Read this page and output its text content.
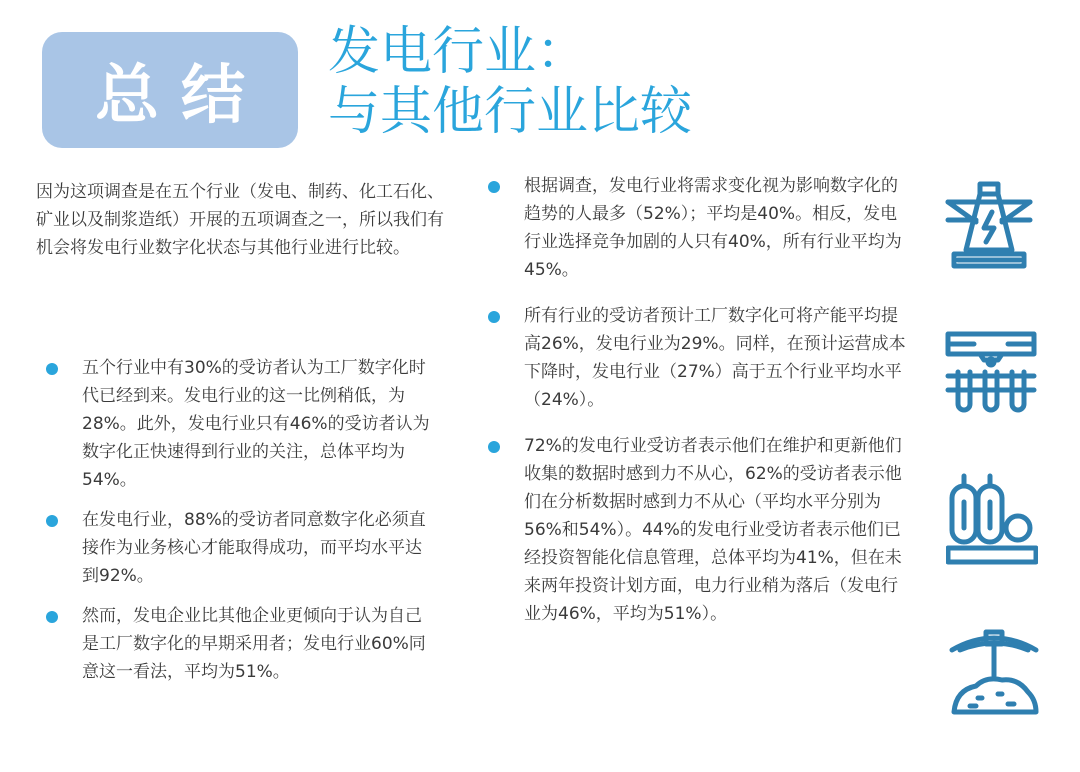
总结
发电行业：
与其他行业比较
因为这项调查是在五个行业（发电、制药、化工石化、矿业以及制浆造纸）开展的五项调查之一，所以我们有机会将发电行业数字化状态与其他行业进行比较。
五个行业中有30%的受访者认为工厂数字化时代已经到来。发电行业的这一比例稍低，为28%。此外，发电行业只有46%的受访者认为数字化正快速得到行业的关注，总体平均为54%。
在发电行业，88%的受访者同意数字化必须直接作为业务核心才能取得成功，而平均水平达到92%。
然而，发电企业比其他企业更倾向于认为自己是工厂数字化的早期采用者；发电行业60%同意这一看法，平均为51%。
根据调查，发电行业将需求变化视为影响数字化的趋势的人最多（52%）；平均是40%。相反，发电行业选择竞争加剧的人只有40%，所有行业平均为45%。
所有行业的受访者预计工厂数字化可将产能平均提高26%，发电行业为29%。同样，在预计运营成本下降时，发电行业（27%）高于五个行业平均水平（24%）。
72%的发电行业受访者表示他们在维护和更新他们收集的数据时感到力不从心，62%的受访者表示他们在分析数据时感到力不从心（平均水平分别为56%和54%）。44%的发电行业受访者表示他们已经投资智能化信息管理，总体平均为41%，但在未来两年投资计划方面，电力行业稍为落后（发电行业为46%，平均为51%）。
